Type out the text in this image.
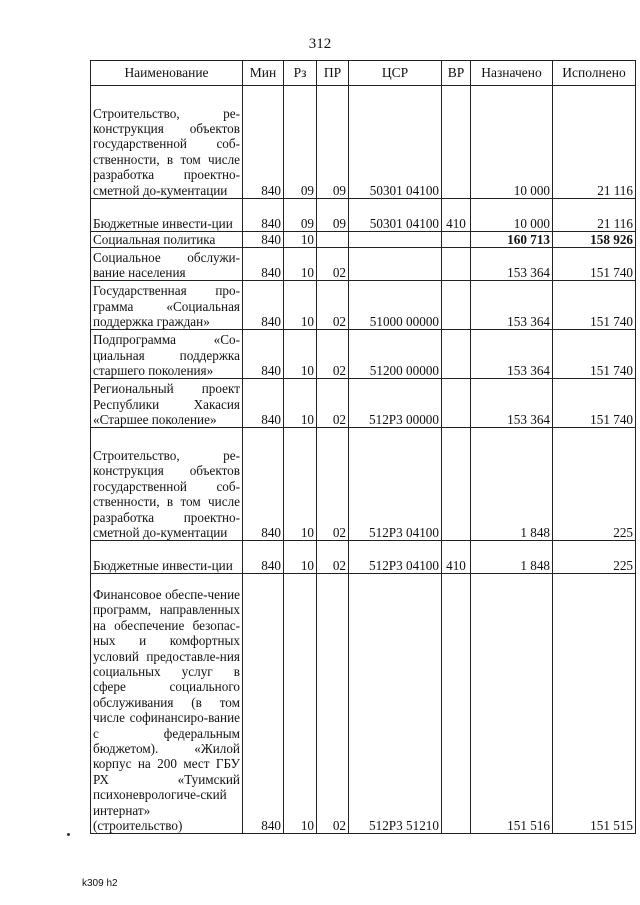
312
Наименование	Мин	Рз	ПР	ЦСР	ВР	Назначено	Исполнено
Строительство, ре-конструкция объектов государственной соб-ственности, в том числе разработка проектно-сметной до-кументации	840	09	09	50301 04100		10 000	21 116
Бюджетные инвести-ции	840	09	09	50301 04100	410	10 000	21 116
Социальная политика	840	10				160 713	158 926
Социальное обслужи-вание населения	840	10	02			153 364	151 740
Государственная про-грамма «Социальная поддержка граждан»	840	10	02	51000 00000		153 364	151 740
Подпрограмма «Со-циальная поддержка старшего поколения»	840	10	02	51200 00000		153 364	151 740
Региональный проект Республики Хакасия «Старшее поколение»	840	10	02	512Р3 00000		153 364	151 740
Строительство, ре-конструкция объектов государственной соб-ственности, в том числе разработка проектно-сметной до-кументации	840	10	02	512Р3 04100		1 848	225
Бюджетные инвести-ции	840	10	02	512Р3 04100	410	1 848	225
Финансовое обеспе-чение программ, направленных на обеспечение безопас-ных и комфортных условий предоставле-ния социальных услуг в сфере социального обслуживания (в том числе софинансиро-вание с федеральным бюджетом). «Жилой корпус на 200 мест ГБУ РХ «Туимский психоневрологиче-ский интернат» (строительство)	840	10	02	512Р3 51210		151 516	151 515
k309 h2
